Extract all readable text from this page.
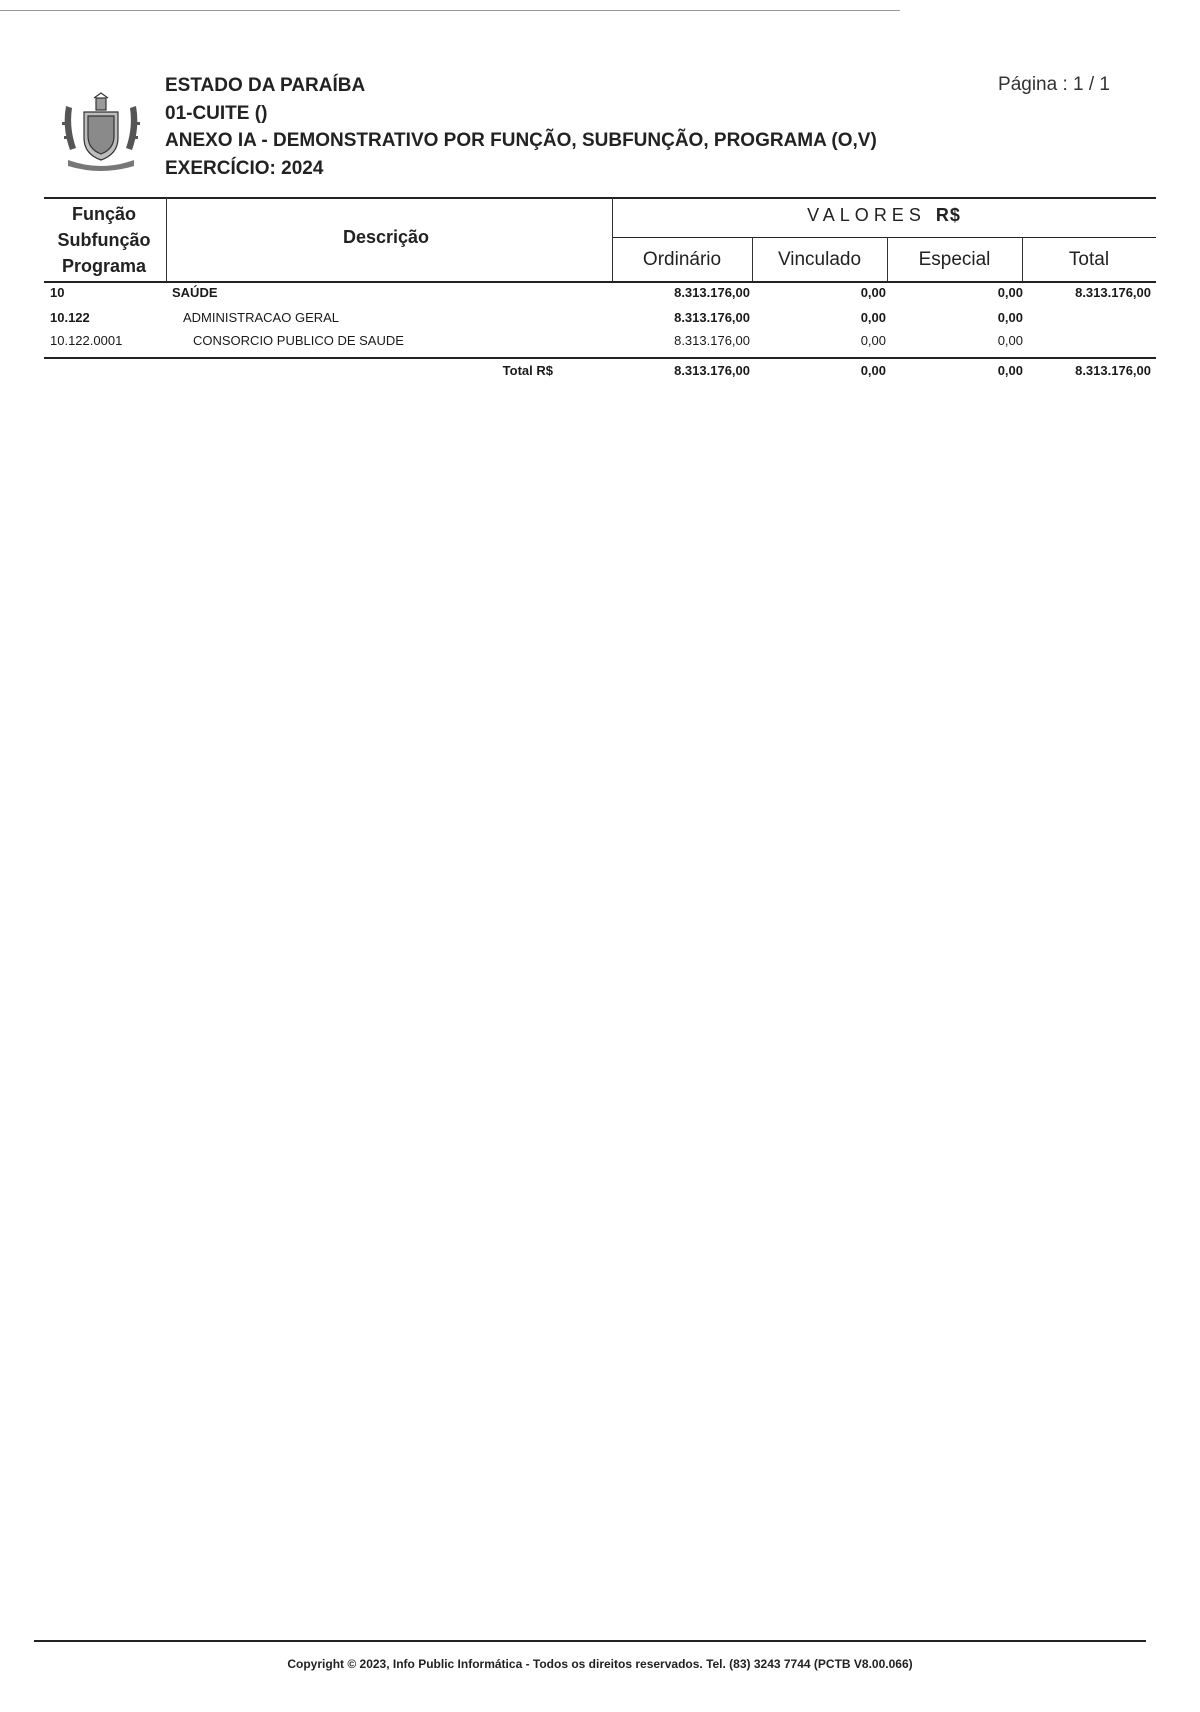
ESTADO DA PARAÍBA
01-CUITE ()
ANEXO IA - DEMONSTRATIVO POR FUNÇÃO, SUBFUNÇÃO, PROGRAMA (O,V)
EXERCÍCIO: 2024
Página : 1 / 1
Função
Subfunção
Programa
Descrição
VALORES R$
Ordinário	Vinculado	Especial	Total
10	SAÚDE	8.313.176,00	0,00	0,00	8.313.176,00
10.122	ADMINISTRACAO GERAL	8.313.176,00	0,00	0,00
10.122.0001	CONSORCIO PUBLICO DE SAUDE	8.313.176,00	0,00	0,00
Total R$	8.313.176,00	0,00	0,00	8.313.176,00
Copyright © 2023, Info Public Informática - Todos os direitos reservados. Tel. (83) 3243 7744 (PCTB V8.00.066)
